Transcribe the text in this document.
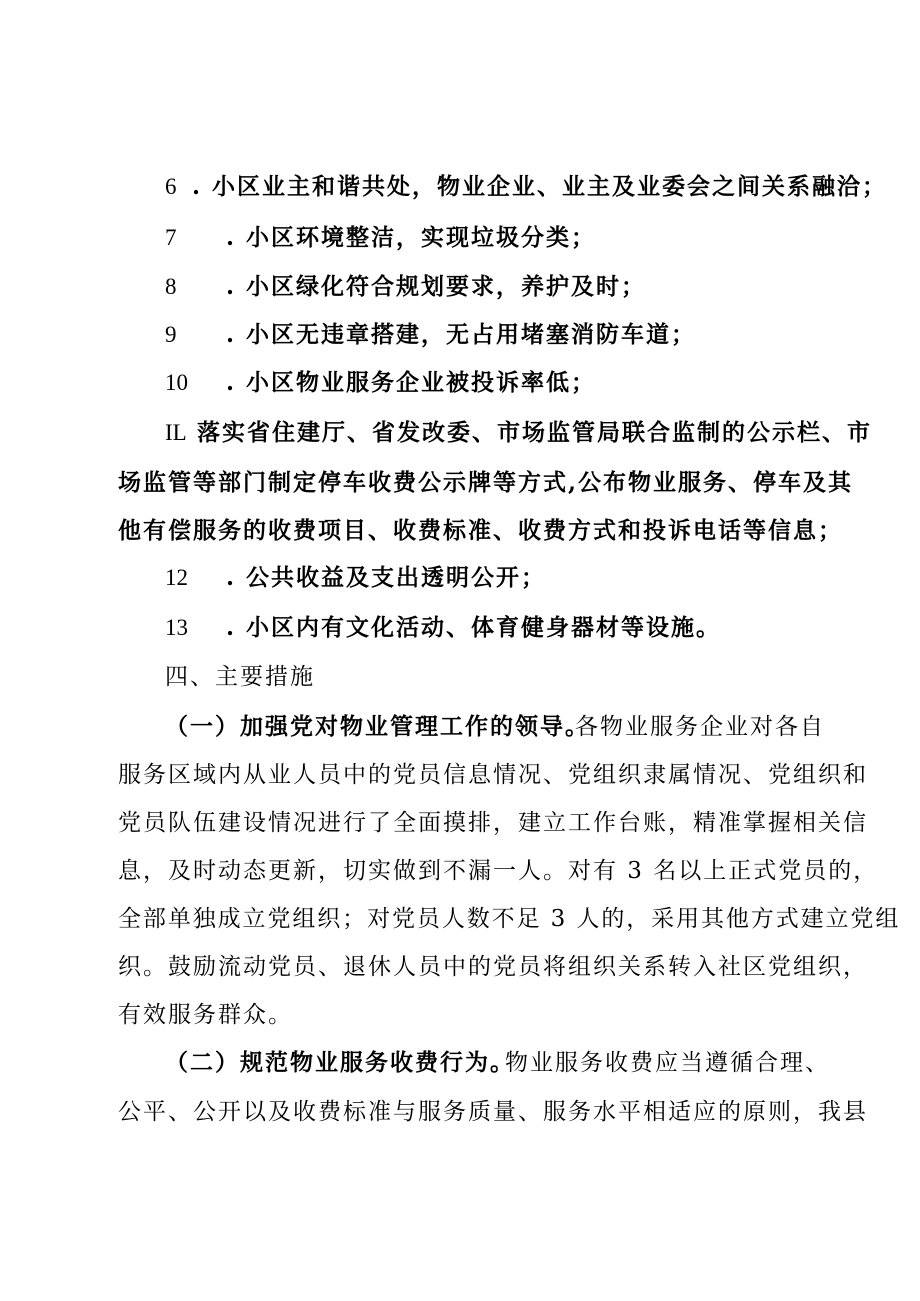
6 . 小区业主和谐共处，物业企业、业主及业委会之间关系融洽；
7 . 小区环境整洁，实现垃圾分类；
8 . 小区绿化符合规划要求，养护及时；
9 . 小区无违章搭建，无占用堵塞消防车道；
10 . 小区物业服务企业被投诉率低；
IL 落实省住建厅、省发改委、市场监管局联合监制的公示栏、市
场监管等部门制定停车收费公示牌等方式,公布物业服务、停车及其
他有偿服务的收费项目、收费标准、收费方式和投诉电话等信息；
12 . 公共收益及支出透明公开；
13 . 小区内有文化活动、体育健身器材等设施。
四、主要措施
（一）加强党对物业管理工作的领导。
各物业服务企业对各自
服务区域内从业人员中的党员信息情况、党组织隶属情况、党组织和
党员队伍建设情况进行了全面摸排，建立工作台账，精准掌握相关信
息，及时动态更新，切实做到不漏一人。对有 3 名以上正式党员的，
全部单独成立党组织；对党员人数不足 3 人的，采用其他方式建立党组
织。鼓励流动党员、退休人员中的党员将组织关系转入社区党组织，
有效服务群众。
（二）规范物业服务收费行为。
物业服务收费应当遵循合理、
公平、公开以及收费标准与服务质量、服务水平相适应的原则，我县
